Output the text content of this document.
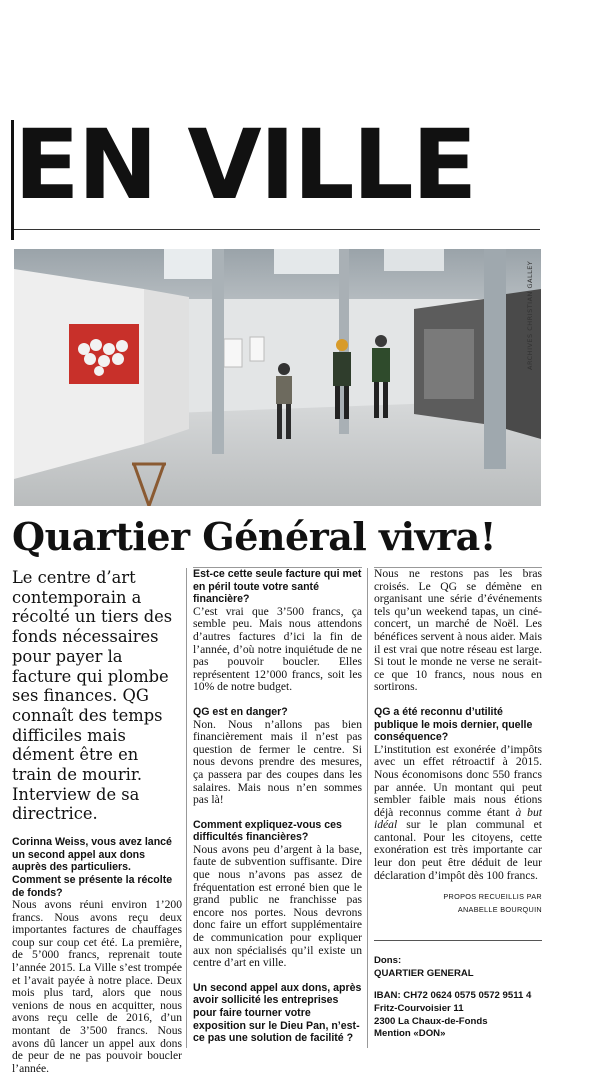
EN VILLE
ARCHIVES CHRISTIAN GALLEY
Quartier Général vivra!

Le centre d’art contemporain a récolté un tiers des fonds nécessaires pour payer la facture qui plombe ses finances. QG connaît des temps difficiles mais dément être en train de mourir. Interview de sa directrice.

Corinna Weiss, vous avez lancé un second appel aux dons auprès des particuliers. Comment se présente la récolte de fonds?

Nous avons réuni environ 1’200 francs. Nous avons reçu deux importantes factures de chauffages coup sur coup cet été. La première, de 5’000 francs, reprenait toute l’année 2015. La Ville s’est trompée et l’avait payée à notre place. Deux mois plus tard, alors que nous venions de nous en acquitter, nous avons reçu celle de 2016, d’un montant de 3’500 francs. Nous avons dû lancer un appel aux dons de peur de ne pas pouvoir boucler l’année.

Est-ce cette seule facture qui met en péril toute votre santé financière?

C’est vrai que 3’500 francs, ça semble peu. Mais nous attendons d’autres factures d’ici la fin de l’année, d’où notre inquiétude de ne pas pouvoir boucler. Elles représentent 12’000 francs, soit les 10% de notre budget.

QG est en danger?

Non. Nous n’allons pas bien financièrement mais il n’est pas question de fermer le centre. Si nous devons prendre des mesures, ça passera par des coupes dans les salaires. Mais nous n’en sommes pas là!

Comment expliquez-vous ces difficultés financières?

Nous avons peu d’argent à la base, faute de subvention suffisante. Dire que nous n’avons pas assez de fréquentation est erroné bien que le grand public ne franchisse pas encore nos portes. Nous devrons donc faire un effort supplémentaire de communication pour expliquer aux non spécialisés qu’il existe un centre d’art en ville.

Un second appel aux dons, après avoir sollicité les entreprises pour faire tourner votre exposition sur le Dieu Pan, n’est-ce pas une solution de facilité ?

Nous ne restons pas les bras croisés. Le QG se démène en organisant une série d’événements tels qu’un weekend tapas, un ciné-concert, un marché de Noël. Les bénéfices servent à nous aider. Mais il est vrai que notre réseau est large. Si tout le monde ne verse ne serait-ce que 10 francs, nous nous en sortirons.

QG a été reconnu d’utilité publique le mois dernier, quelle conséquence?

L’institution est exonérée d’impôts avec un effet rétroactif à 2015. Nous économisons donc 550 francs par année. Un montant qui peut sembler faible mais nous étions déjà reconnus comme étant à but idéal sur le plan communal et cantonal. Pour les citoyens, cette exonération est très importante car leur don peut être déduit de leur déclaration d’impôt dès 100 francs.

PROPOS RECUEILLIS PAR

ANABELLE BOURQUIN

Dons:

QUARTIER GENERAL

IBAN: CH72 0624 0575 0572 9511 4

Fritz-Courvoisier 11

2300 La Chaux-de-Fonds

Mention «DON»
